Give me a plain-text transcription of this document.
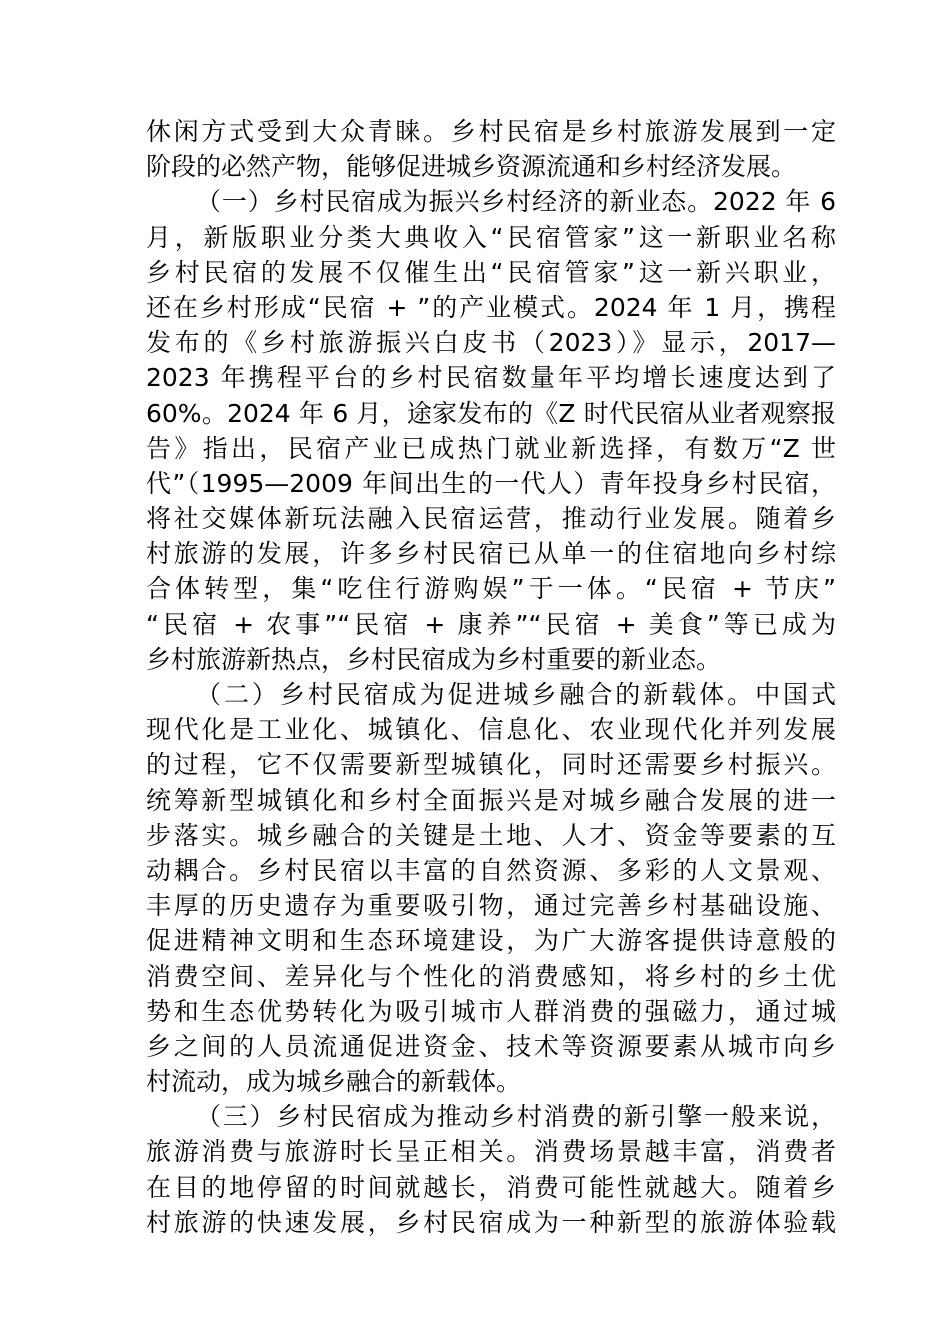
休闲方式受到大众青睐。乡村民宿是乡村旅游发展到一定
阶段的必然产物，能够促进城乡资源流通和乡村经济发展。
（一）乡村民宿成为振兴乡村经济的新业态。2022 年 6
月，新版职业分类大典收入“民宿管家”这一新职业名称
乡村民宿的发展不仅催生出“民宿管家”这一新兴职业，
还在乡村形成“民宿 + ”的产业模式。2024 年 1 月，携程
发布的《乡村旅游振兴白皮书（2023）》显示，2017—
2023 年携程平台的乡村民宿数量年平均增长速度达到了
60%。2024 年 6 月，途家发布的《Z 时代民宿从业者观察报
告》指出，民宿产业已成热门就业新选择，有数万“Z 世
代”（1995—2009 年间出生的一代人）青年投身乡村民宿，
将社交媒体新玩法融入民宿运营，推动行业发展。随着乡
村旅游的发展，许多乡村民宿已从单一的住宿地向乡村综
合体转型，集“吃住行游购娱”于一体。“民宿 + 节庆”
“民宿 + 农事”“民宿 + 康养”“民宿 + 美食”等已成为
乡村旅游新热点，乡村民宿成为乡村重要的新业态。
（二）乡村民宿成为促进城乡融合的新载体。中国式
现代化是工业化、城镇化、信息化、农业现代化并列发展
的过程，它不仅需要新型城镇化，同时还需要乡村振兴。
统筹新型城镇化和乡村全面振兴是对城乡融合发展的进一
步落实。城乡融合的关键是土地、人才、资金等要素的互
动耦合。乡村民宿以丰富的自然资源、多彩的人文景观、
丰厚的历史遗存为重要吸引物，通过完善乡村基础设施、
促进精神文明和生态环境建设，为广大游客提供诗意般的
消费空间、差异化与个性化的消费感知，将乡村的乡土优
势和生态优势转化为吸引城市人群消费的强磁力，通过城
乡之间的人员流通促进资金、技术等资源要素从城市向乡
村流动，成为城乡融合的新载体。
（三）乡村民宿成为推动乡村消费的新引擎一般来说，
旅游消费与旅游时长呈正相关。消费场景越丰富，消费者
在目的地停留的时间就越长，消费可能性就越大。随着乡
村旅游的快速发展，乡村民宿成为一种新型的旅游体验载
